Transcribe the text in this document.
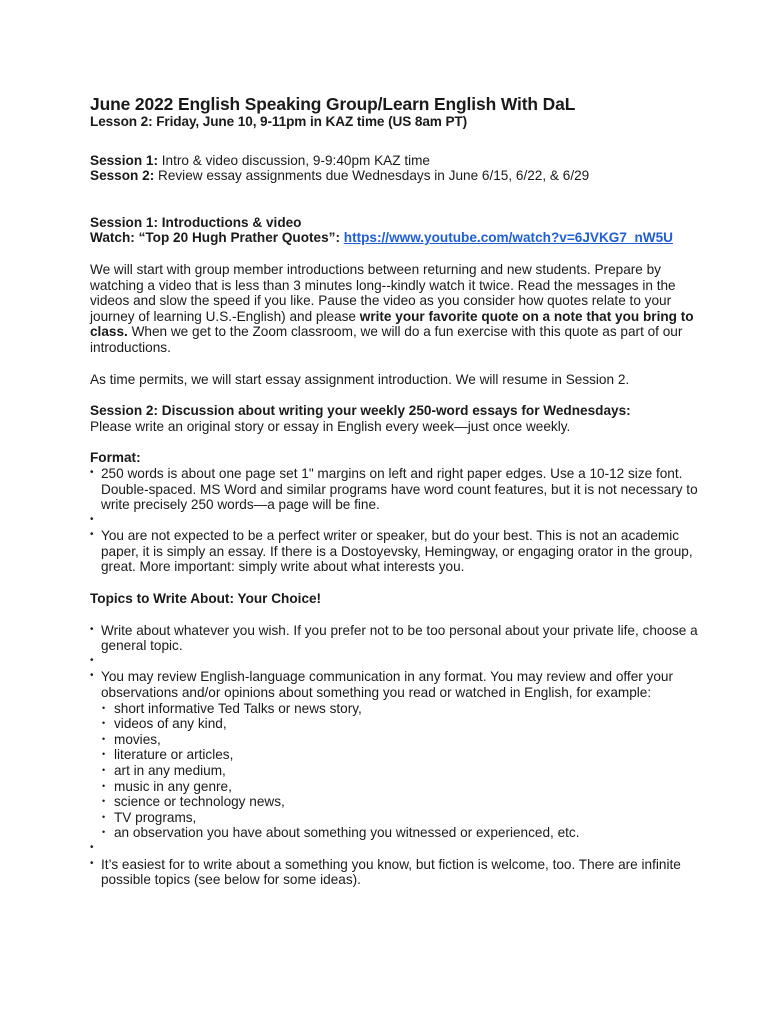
June 2022 English Speaking Group/Learn English With DaL

Lesson 2: Friday, June 10, 9-11pm in KAZ time (US 8am PT)

Session 1: Intro & video discussion, 9-9:40pm KAZ time

Sesson 2: Review essay assignments due Wednesdays in June 6/15, 6/22, & 6/29

Session 1: Introductions & video

Watch: “Top 20 Hugh Prather Quotes”: https://www.youtube.com/watch?v=6JVKG7_nW5U

We will start with group member introductions between returning and new students. Prepare by watching a video that is less than 3 minutes long--kindly watch it twice. Read the messages in the videos and slow the speed if you like. Pause the video as you consider how quotes relate to your journey of learning U.S.-English) and please write your favorite quote on a note that you bring to class. When we get to the Zoom classroom, we will do a fun exercise with this quote as part of our introductions.

As time permits, we will start essay assignment introduction. We will resume in Session 2.

Session 2: Discussion about writing your weekly 250-word essays for Wednesdays:

Please write an original story or essay in English every week—just once weekly.

Format:

• 250 words is about one page set 1" margins on left and right paper edges. Use a 10-12 size font. Double-spaced. MS Word and similar programs have word count features, but it is not necessary to write precisely 250 words—a page will be fine.
•
• You are not expected to be a perfect writer or speaker, but do your best. This is not an academic paper, it is simply an essay. If there is a Dostoyevsky, Hemingway, or engaging orator in the group, great. More important: simply write about what interests you.

Topics to Write About: Your Choice!

• Write about whatever you wish. If you prefer not to be too personal about your private life, choose a general topic.
•
• You may review English-language communication in any format. You may review and offer your observations and/or opinions about something you read or watched in English, for example:
• short informative Ted Talks or news story,
• videos of any kind,
• movies,
• literature or articles,
• art in any medium,
• music in any genre,
• science or technology news,
• TV programs,
• an observation you have about something you witnessed or experienced, etc.
•
• It’s easiest for to write about a something you know, but fiction is welcome, too. There are infinite possible topics (see below for some ideas).
